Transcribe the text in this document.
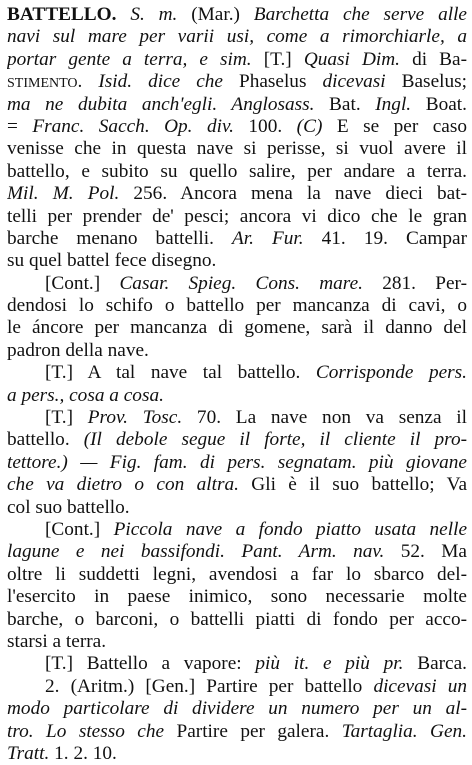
BATTELLO. S. m. (Mar.) Barchetta che serve alle
navi sul mare per varii usi, come a rimorchiarle, a
portar gente a terra, e sim. [T.] Quasi Dim. di Ba-
stimento. Isid. dice che Phaselus dicevasi Baselus;
ma ne dubita anch'egli. Anglosass. Bat. Ingl. Boat.
= Franc. Sacch. Op. div. 100. (C) E se per caso
venisse che in questa nave si perisse, si vuol avere il
battello, e subito su quello salire, per andare a terra.
Mil. M. Pol. 256. Ancora mena la nave dieci bat-
telli per prender de' pesci; ancora vi dico che le gran
barche menano battelli. Ar. Fur. 41. 19. Campar
su quel battel fece disegno.
[Cont.] Casar. Spieg. Cons. mare. 281. Per-
dendosi lo schifo o battello per mancanza di cavi, o
le áncore per mancanza di gomene, sarà il danno del
padron della nave.
[T.] A tal nave tal battello. Corrisponde pers.
a pers., cosa a cosa.
[T.] Prov. Tosc. 70. La nave non va senza il
battello. (Il debole segue il forte, il cliente il pro-
tettore.) — Fig. fam. di pers. segnatam. più giovane
che va dietro o con altra. Gli è il suo battello; Va
col suo battello.
[Cont.] Piccola nave a fondo piatto usata nelle
lagune e nei bassifondi. Pant. Arm. nav. 52. Ma
oltre li suddetti legni, avendosi a far lo sbarco del-
l'esercito in paese inimico, sono necessarie molte
barche, o barconi, o battelli piatti di fondo per acco-
starsi a terra.
[T.] Battello a vapore: più it. e più pr. Barca.
2. (Aritm.) [Gen.] Partire per battello dicevasi un
modo particolare di dividere un numero per un al-
tro. Lo stesso che Partire per galera. Tartaglia. Gen.
Tratt. 1. 2. 10.
